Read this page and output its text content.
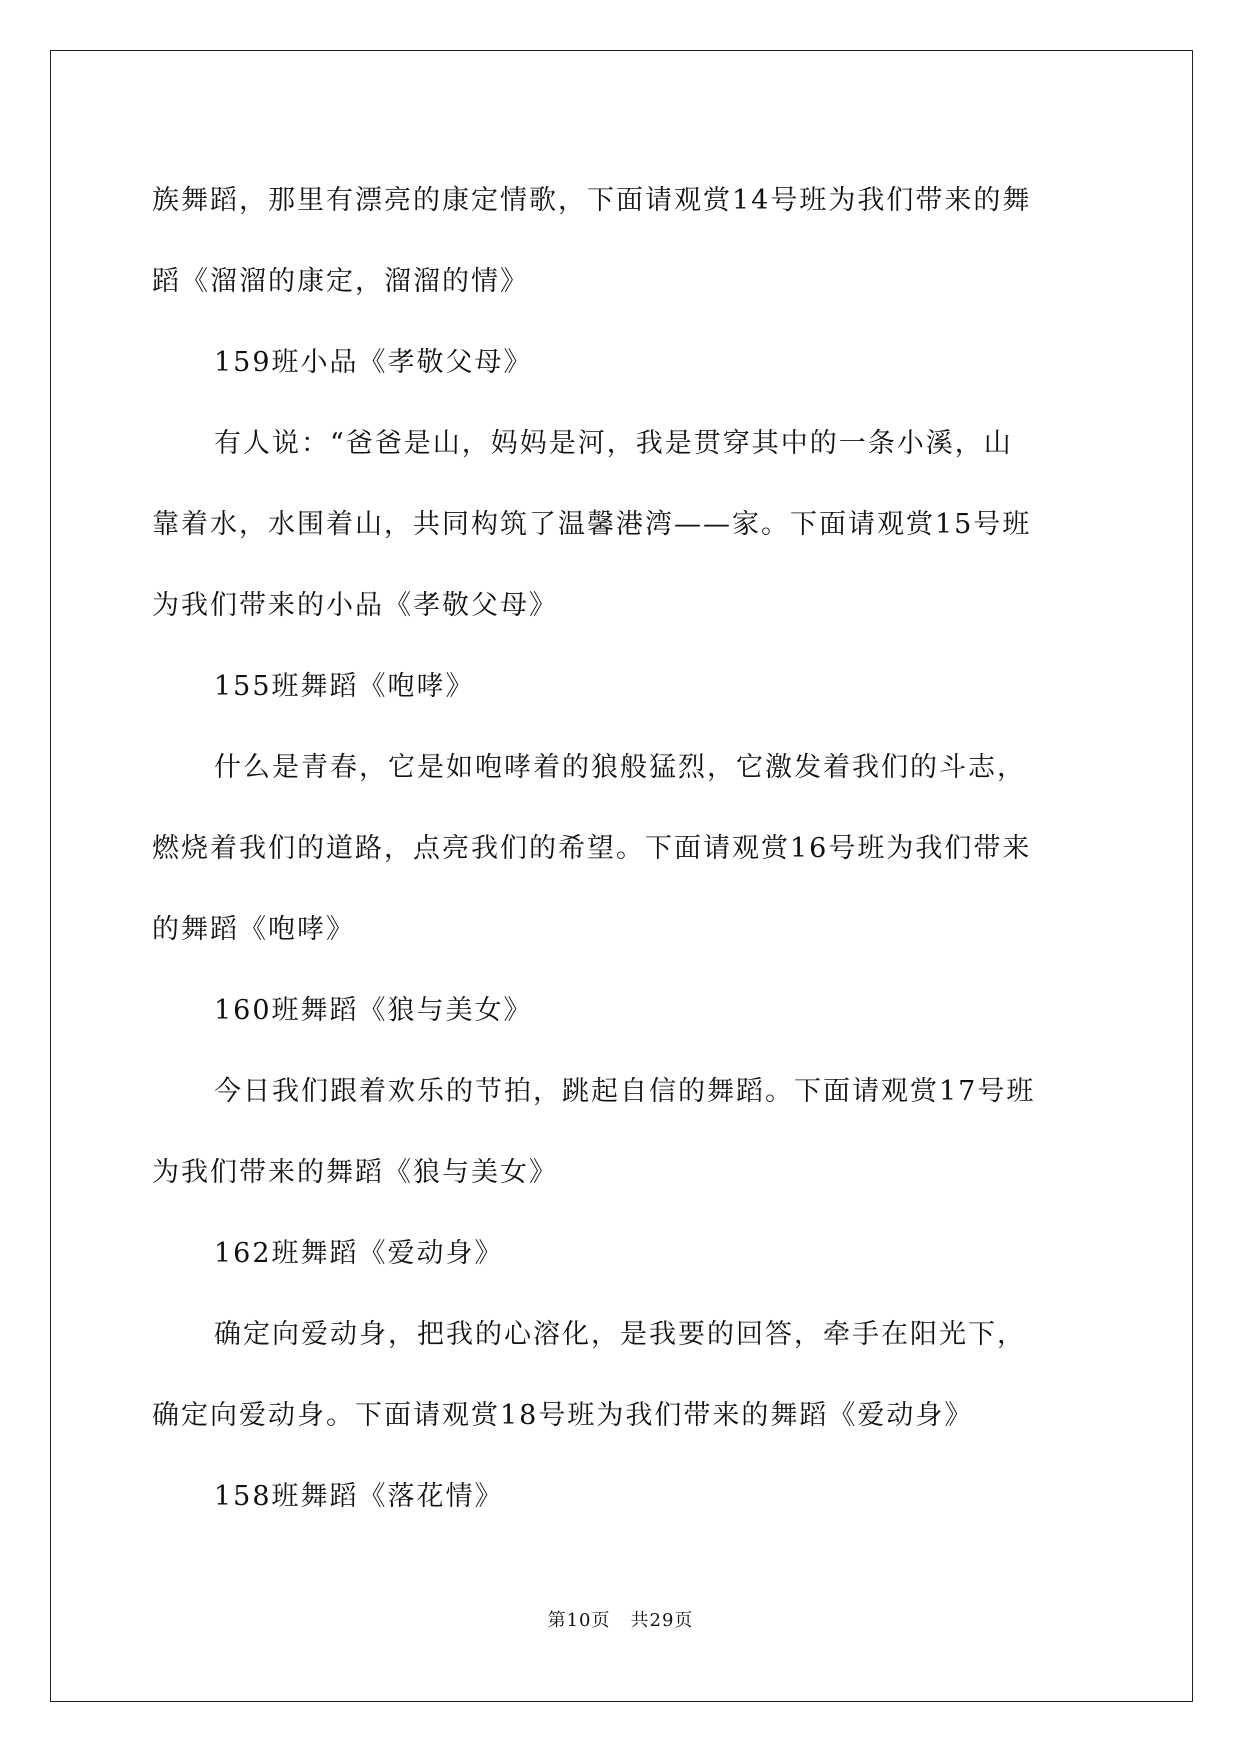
族舞蹈，那里有漂亮的康定情歌，下面请观赏14号班为我们带来的舞
蹈《溜溜的康定，溜溜的情》
159班小品《孝敬父母》
有人说：“爸爸是山，妈妈是河，我是贯穿其中的一条小溪，山
靠着水，水围着山，共同构筑了温馨港湾——家。下面请观赏15号班
为我们带来的小品《孝敬父母》
155班舞蹈《咆哮》
什么是青春，它是如咆哮着的狼般猛烈，它激发着我们的斗志，
燃烧着我们的道路，点亮我们的希望。下面请观赏16号班为我们带来
的舞蹈《咆哮》
160班舞蹈《狼与美女》
今日我们跟着欢乐的节拍，跳起自信的舞蹈。下面请观赏17号班
为我们带来的舞蹈《狼与美女》
162班舞蹈《爱动身》
确定向爱动身，把我的心溶化，是我要的回答，牵手在阳光下，
确定向爱动身。下面请观赏18号班为我们带来的舞蹈《爱动身》
158班舞蹈《落花情》
第10页 共29页
